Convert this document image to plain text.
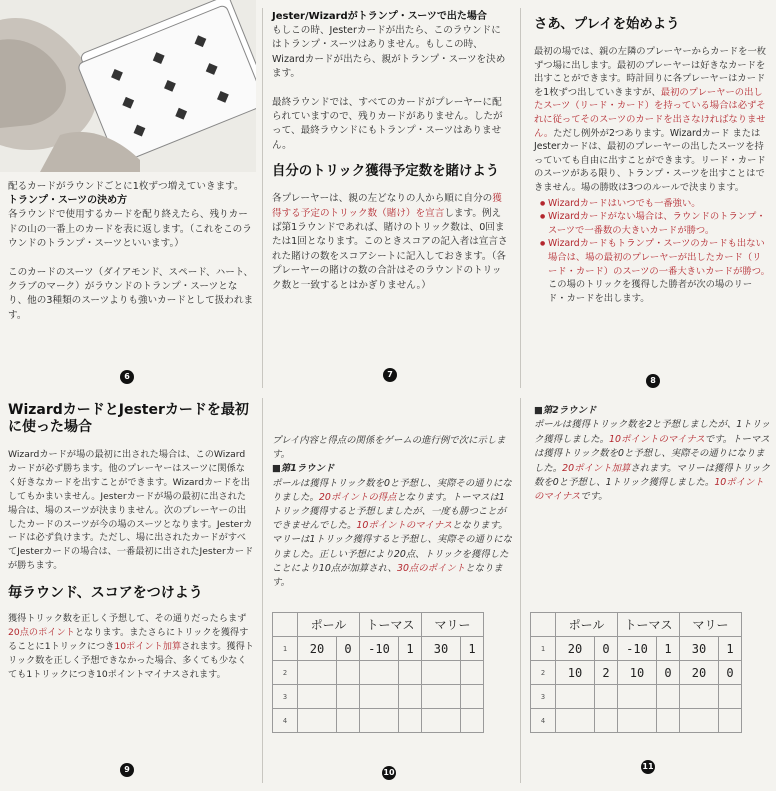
配るカードがラウンドごとに1枚ずつ増えていきます。

トランプ・スーツの決め方

各ラウンドで使用するカードを配り終えたら、残りカードの山の一番上のカードを表に返します。（これをこのラウンドのトランプ・スーツといいます。）

このカードのスーツ（ダイアモンド、スペード、ハート、クラブのマーク）がラウンドのトランプ・スーツとなり、他の3種類のスーツよりも強いカードとして扱われます。

6
Jester/Wizardがトランプ・スーツで出た場合

もしこの時、Jesterカードが出たら、このラウンドにはトランプ・スーツはありません。もしこの時、Wizardカードが出たら、親がトランプ・スーツを決めます。

最終ラウンドでは、すべてのカードがプレーヤーに配られていますので、残りカードがありません。したがって、最終ラウンドにもトランプ・スーツはありません。

自分のトリック獲得予定数を賭けよう

各プレーヤーは、親の左どなりの人から順に自分の獲得する予定のトリック数（賭け）を宣言します。例えば第1ラウンドであれば、賭けのトリック数は、0回または1回となります。このときスコアの記入者は宣言された賭けの数をスコアシートに記入しておきます。（各プレーヤーの賭けの数の合計はそのラウンドのトリック数と一致するとはかぎりません。）

7
さあ、プレイを始めよう

最初の場では、親の左隣のプレーヤーからカードを一枚ずつ場に出します。最初のプレーヤーは好きなカードを出すことができます。時計回りに各プレーヤーはカードを1枚ずつ出していきますが、最初のプレーヤーの出したスーツ（リード・カード）を持っている場合は必ずそれに従ってそのスーツのカードを出さなければなりません。ただし例外が2つあります。Wizardカード またはJesterカードは、最初のプレーヤーの出したスーツを持っていても自由に出すことができます。リード・カードのスーツがある限り、トランプ・スーツを出すことはできません。場の勝敗は3つのルールで決まります。

● Wizardカードはいつでも一番強い。
● Wizardカードがない場合は、ラウンドのトランプ・スーツで一番数の大きいカードが勝つ。
● Wizardカードもトランプ・スーツのカードも出ない場合は、場の最初のプレーヤーが出したカード（リード・カード）のスーツの一番大きいカードが勝つ。この場のトリックを獲得した勝者が次の場のリード・カードを出します。
8
WizardカードとJesterカードを最初に使った場合

Wizardカードが場の最初に出された場合は、このWizardカードが必ず勝ちます。他のプレーヤーはスーツに関係なく好きなカードを出すことができます。Wizardカードを出してもかまいません。Jesterカードが場の最初に出された場合は、場のスーツが決まりません。次のプレーヤーの出したカードのスーツが今の場のスーツとなります。Jesterカードは必ず負けます。ただし、場に出されたカードがすべてJesterカードの場合は、一番最初に出されたJesterカードが勝ちます。

毎ラウンド、スコアをつけよう

獲得トリック数を正しく予想して、その通りだったらまず20点のポイントとなります。またさらにトリックを獲得することに1トリックにつき10ポイント加算されます。獲得トリック数を正しく予想できなかった場合、多くても少なくても1トリックにつき10ポイントマイナスされます。

9

プレイ内容と得点の関係をゲームの進行例で次に示します。

■第1ラウンド

ポールは獲得トリック数を0と予想し、実際その通りになりました。20ポイントの得点となります。トーマスは1トリック獲得すると予想しましたが、一度も勝つことができませんでした。10ポイントのマイナスとなります。マリーは1トリック獲得すると予想し、実際その通りになりました。正しい予想により20点、トリックを獲得したことにより10点が加算され、30点のポイントとなります。

	ポール		トーマス		マリー	
1	20	0	-10	1	30	1
2						
3						
4						
10

■第2ラウンド

ポールは獲得トリック数を2と予想しましたが、1トリック獲得しました。10ポイントのマイナスです。トーマスは獲得トリック数を0と予想し、実際その通りになりました。20ポイント加算されます。マリーは獲得トリック数を0と予想し、1トリック獲得しました。10ポイントのマイナスです。

	ポール		トーマス		マリー	
1	20	0	-10	1	30	1
2	10	2	10	0	20	0
3						
4						
11
